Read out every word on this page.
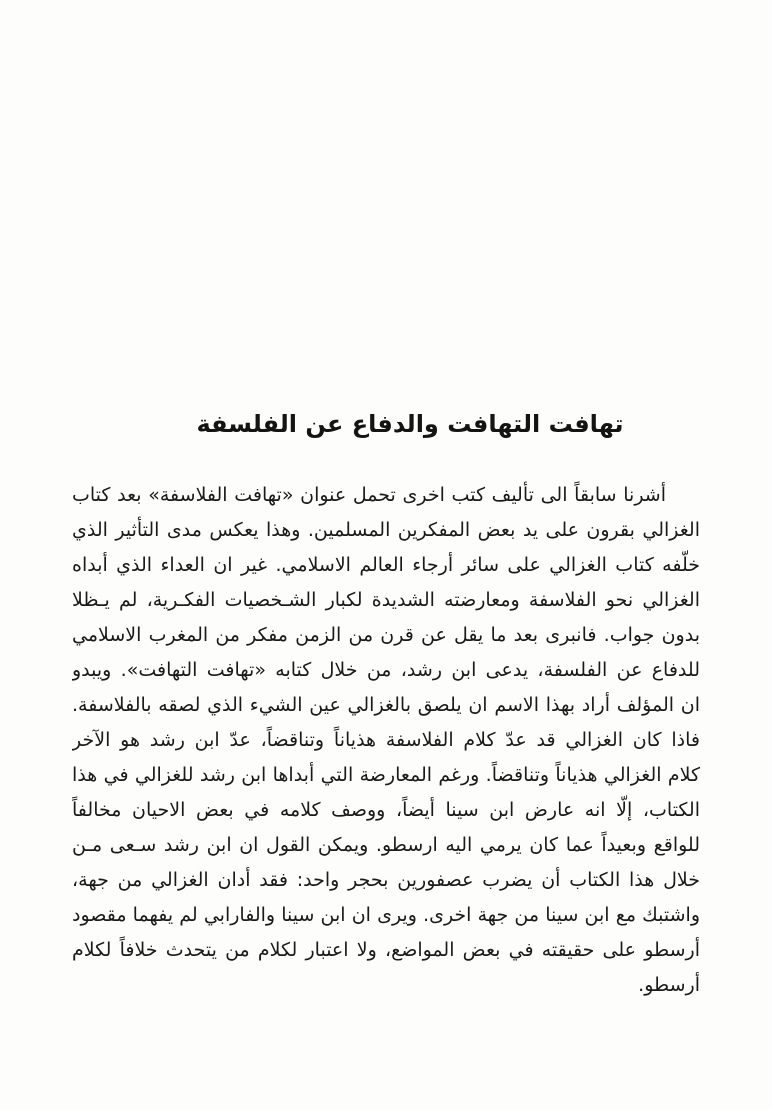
تهافت التهافت والدفاع عن الفلسفة
أشرنا سابقاً الى تأليف كتب اخرى تحمل عنوان «تهافت الفلاسفة» بعد كتاب
الغزالي بقرون على يد بعض المفكرين المسلمين. وهذا يعكس مدى التأثير الذي
خلّفه كتاب الغزالي على سائر أرجاء العالم الاسلامي. غير ان العداء الذي أبداه
الغزالي نحو الفلاسفة ومعارضته الشديدة لكبار الشـخصيات الفكـرية، لم يـظلا
بدون جواب. فانبرى بعد ما يقل عن قرن من الزمن مفكر من المغرب الاسلامي
للدفاع عن الفلسفة، يدعى ابن رشد، من خلال كتابه «تهافت التهافت». ويبدو
ان المؤلف أراد بهذا الاسم ان يلصق بالغزالي عين الشيء الذي لصقه بالفلاسفة.
فاذا كان الغزالي قد عدّ كلام الفلاسفة هذياناً وتناقضاً، عدّ ابن رشد هو الآخر
كلام الغزالي هذياناً وتناقضاً. ورغم المعارضة التي أبداها ابن رشد للغزالي في هذا
الكتاب، إلّا انه عارض ابن سينا أيضاً، ووصف كلامه في بعض الاحيان مخالفاً
للواقع وبعيداً عما كان يرمي اليه ارسطو. ويمكن القول ان ابن رشد سـعى مـن
خلال هذا الكتاب أن يضرب عصفورين بحجر واحد: فقد أدان الغزالي من جهة،
واشتبك مع ابن سينا من جهة اخرى. ويرى ان ابن سينا والفارابي لم يفهما مقصود
أرسطو على حقيقته في بعض المواضع، ولا اعتبار لكلام من يتحدث خلافاً لكلام
أرسطو.
